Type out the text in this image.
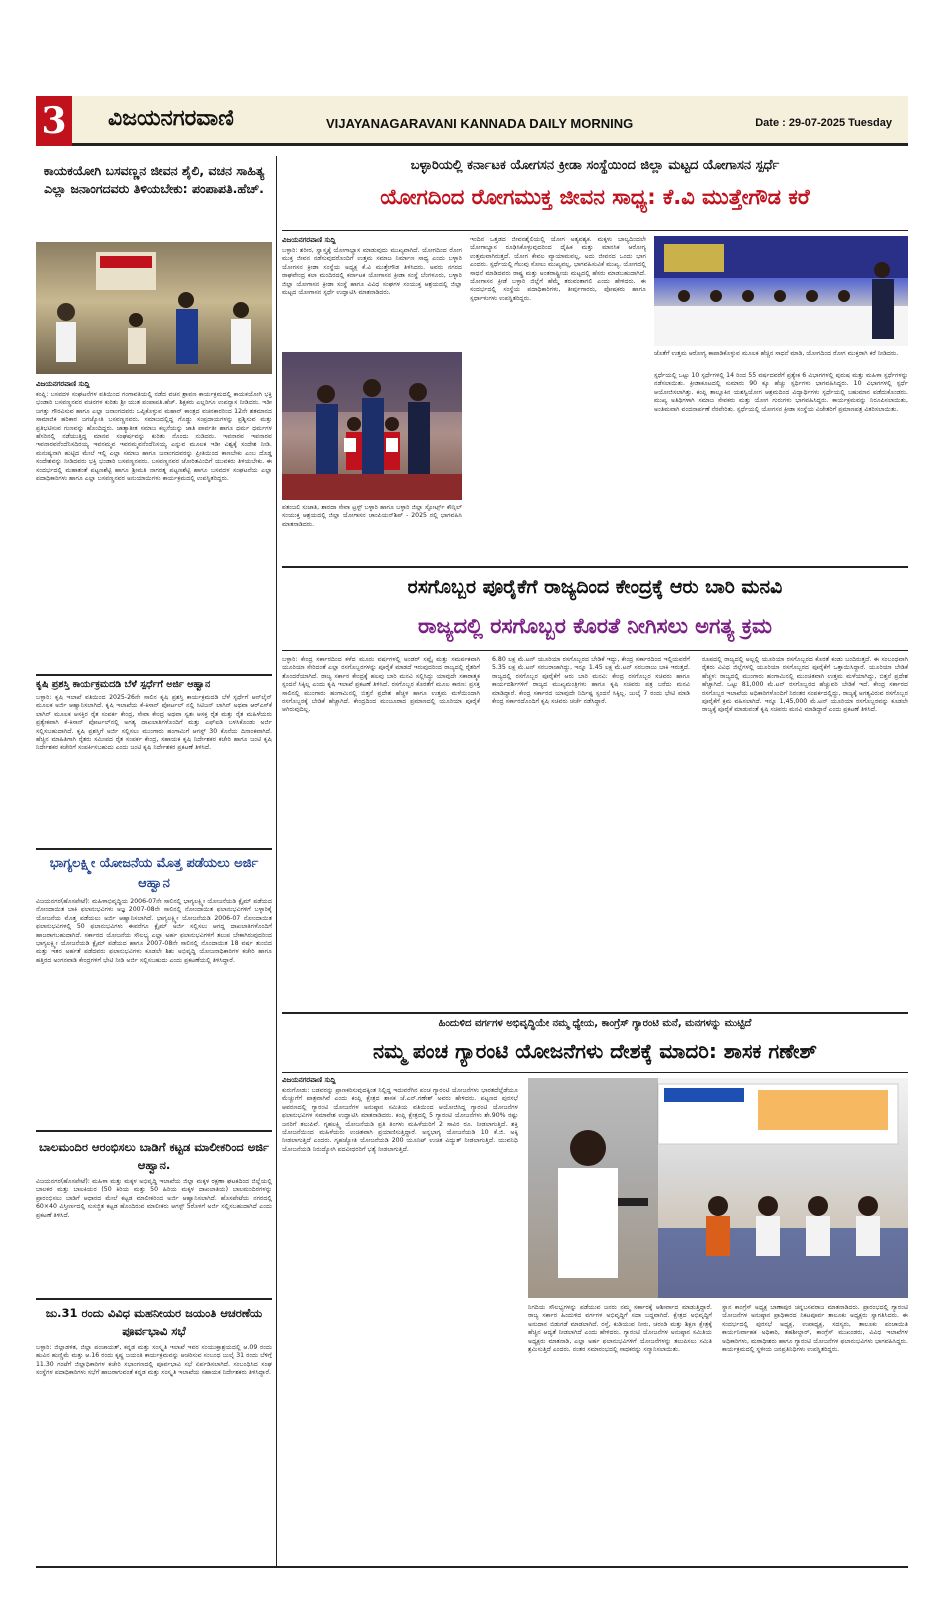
3 ವಿಜಯನಗರವಾಣಿ	VIJAYANAGARAVANI KANNADA DAILY MORNING	Date : 29-07-2025 Tuesday
ಕಾಯಕಯೋಗಿ ಬಸವಣ್ಣನ ಜೀವನ ಶೈಲಿ, ವಚನ ಸಾಹಿತ್ಯ ಎಲ್ಲಾ ಜನಾಂಗದವರು ತಿಳಿಯಬೇಕು: ಪಂಪಾಪತಿ.ಹೆಚ್.
ವಿಜಯನಗರವಾಣಿ ಸುದ್ದಿ
ಕಂಪ್ಲಿ: ಬಸವದಳ ಸಂಘಟನೆಗಳ ವತಿಯಿಂದ ಗಂಗಾವತಿಯಲ್ಲಿ ನಡೆದ ವಚನ ಶ್ರಾವಣ ಕಾರ್ಯಕ್ರಮದಲ್ಲಿ ಕಾಯಕಯೋಗಿ ಭಕ್ತಿ ಭಂಡಾರಿ ಬಸವಣ್ಣನವರ ವಚನಗಳ ಕುರಿತು ಶ್ರೀ ಯುತ ಪಂಪಾಪತಿ.ಹೆಚ್. ಶಿಕ್ಷಕರು ಎಲ್ಲರಿಗೂ ಉಪನ್ಯಾಸ ನೀಡಿದರು. ಇಡೀ ಜಗತ್ತು ಗೌರವಿಸುವ ಹಾಗೂ ಎಲ್ಲಾ ಜನಾಂಗದವರು ಒಪ್ಪಿಕೊಳ್ಳುವ ಮಹಾನ್ ಕಾಂತ್ರದ ವಚನಕಾರರಿಂದ 12ನೇ ಶತಮಾನದ ಸಾಮಾಜಿಕ ಹರಿಕಾರ ಜಗಜ್ಯೋತಿ ಬಸವಣ್ಣನವರು. ಸಮಾಜದಲ್ಲಿದ್ದ ಗೊಡ್ಡು ಸಂಪ್ರದಾಯಗಳನ್ನು ಪ್ರಶ್ನಿಸುವ ಮತ್ತು ಪ್ರತಿಭಟಿಸುವ ಗುಣವನ್ನು ಹೊಂದಿದ್ದರು. ಜಾತ್ಯಾತೀತ ಸಮಾಜ ಕಲ್ಪನೆಯನ್ನು ಜಾತಿ ಪಾರ್ವತೀ ಹಾಗೂ ಧರ್ಮ ಧರ್ಮಗಳ ಹೆಸರಿನಲ್ಲಿ ನಡೆಯುತ್ತಿದ್ದ ಮಾನವ ಸಂಘರ್ಷವನ್ನು ಕುರಿತು ನೊಂದು ನುಡಿದರು. ಇವನಾರವ ಇವನಾರವ ಇವನಾರವನೆಂದೆನಿಸದಿರಯ್ಯ ಇವನಮ್ಮವ ಇವನಮ್ಮವನೆಂದೆನಿಸಯ್ಯ ಎನ್ನುವ ಮೂಲಕ ಇಡೀ ವಿಶ್ವಕ್ಕೆ ಸಂದೇಶ ನೀಡಿ. ಮನುಷ್ಯನಾಗಿ ಹುಟ್ಟಿದ ಮೇಲೆ ಇಲ್ಲಿ ಎಲ್ಲಾ ಸಮಾಜ ಹಾಗೂ ಜನಾಂಗದವರನ್ನು ಪ್ರೀತಿಯಿಂದ ಕಾಣಬೇಕು ಎಂಬ ದೊಡ್ಡ ಸಂದೇಶವನ್ನು ನೀಡಿದವರು ಭಕ್ತಿ ಭಂಡಾರಿ ಬಸವಣ್ಣನವರು. ಬಸವಣ್ಣನವರ ಜೋರಿತವಿಂದಿಗೆ ಯುವಕರು ತಿಳಿಯಬೇಕು. ಈ ಸಂದರ್ಭದಲ್ಲಿ ಮಹಾತಂತೆ ಪಟ್ಟಣಶೆಟ್ಟಿ ಹಾಗೂ ಶ್ರೀಮತಿ ನಾಗರತ್ನ ಪಟ್ಟಣಶೆಟ್ಟಿ ಹಾಗೂ ಬಸವದಳ ಸಂಘಟನೆಯ ಎಲ್ಲಾ ಪದಾಧಿಕಾರಿಗಳು ಹಾಗೂ ಎಲ್ಲಾ ಬಸವಣ್ಣನವರ ಅನುಯಾಯಿಗಳು ಕಾರ್ಯಕ್ರಮದಲ್ಲಿ ಉಪಸ್ಥಿತರಿದ್ದರು.
ಕೃಷಿ ಪ್ರಶಸ್ತಿ ಕಾರ್ಯಕ್ರಮದಡಿ ಬೆಳೆ ಸ್ಪರ್ಧೆಗೆ ಅರ್ಜಿ ಆಹ್ವಾನ
ಬಳ್ಳಾರಿ: ಕೃಷಿ ಇಲಾಖೆ ವತಿಯಿಂದ 2025-26ನೇ ಸಾಲಿನ ಕೃಷಿ ಪ್ರಶಸ್ತಿ ಕಾರ್ಯಕ್ರಮದಡಿ ಬೆಳೆ ಸ್ಪರ್ಧೆಗೆ ಆನ್‌ಲೈನ್ ಮೂಲಕ ಅರ್ಜಿ ಆಹ್ವಾನಿಸಲಾಗಿದೆ. ಕೃಷಿ ಇಲಾಖೆಯ ಕೆ-ಕಿಸಾನ್ ಪೋರ್ಟಲ್ ನಲ್ಲಿ ಸಿಟಿಜನ್ ಲಾಗಿನ್ ಅಥವಾ ಆರ್‌ಎಸ್‌ಕೆ ಲಾಗಿನ್ ಮೂಲಕ ಆಸಕ್ತಿರ ರೈತ ಸಂಪರ್ಕ ಕೇಂದ್ರ, ಸೇವಾ ಕೇಂದ್ರ ಅಥವಾ ಸ್ವತಃ ಆಸಕ್ತ ರೈತ ಮತ್ತು ರೈತ ಮಹಿಳೆಯರು ಪ್ರತ್ಯೇಕವಾಗಿ ಕೆ-ಕಿಸಾನ್ ಪೋರ್ಟಲ್‌ನಲ್ಲಿ ಅಗತ್ಯ ದಾಖಲಾತಿಗಳೊಂದಿಗೆ ಮತ್ತು ಎಫ್‌ಐಡಿ ಬಳಸಿಕೊಂಡು ಅರ್ಜಿ ಸಲ್ಲಿಸಬಹುದಾಗಿದೆ. ಕೃಷಿ ಪ್ರಶಸ್ತಿಗೆ ಅರ್ಜಿ ಸಲ್ಲಿಸಲು ಮುಂಗಾರು ಹಂಗಾಮಿಗೆ ಆಗಸ್ಟ್ 30 ಕೊನೆಯ ದಿನಾಂಕವಾಗಿದೆ. ಹೆಚ್ಚಿನ ಮಾಹಿತಿಗಾಗಿ ರೈತರು ಸಮೀಪದ ರೈತ ಸಂಪರ್ಕ ಕೇಂದ್ರ, ಸಹಾಯಕ ಕೃಷಿ ನಿರ್ದೇಶಕರ ಕಚೇರಿ ಹಾಗೂ ಜಂಟಿ ಕೃಷಿ ನಿರ್ದೇಶಕರ ಕಚೇರಿಗೆ ಸಂಪರ್ಕಿಸಬಹುದು ಎಂದು ಜಂಟಿ ಕೃಷಿ ನಿರ್ದೇಶಕರ ಪ್ರಕಟಣೆ ತಿಳಿಸಿದೆ.
ಭಾಗ್ಯಲಕ್ಷ್ಮೀ ಯೋಜನೆಯ ಮೊತ್ತ ಪಡೆಯಲು ಅರ್ಜಿ ಆಹ್ವಾನ
ವಿಜಯನಗರ(ಹೊಸಪೇಟೆ): ಮಹಿಳಾಭಿವೃದ್ಧಿಯ 2006-07ನೇ ಸಾಲಿನಲ್ಲಿ ಭಾಗ್ಯಲಕ್ಷ್ಮೀ ಯೋಜನೆಯಡಿ ಕ್ಲೈಮ್ ಪಡೆಯದ ನೋಂದಾಯಿತ ಬಾಕಿ ಫಲಾನುಭವಿಗಳು ಅಜ್ಞ 2007-08ನೇ ಸಾಲಿನಲ್ಲಿ ನೋಂದಾಯಿತ ಫಲಾನುಭವಿಗಳಿಗೆ ಬಳ್ಳಾರಿಕೈ ಯೋಜನೆಯ ಮೊತ್ತ ಪಡೆಯಲು ಅರ್ಜಿ ಆಹ್ವಾನಿಸಲಾಗಿದೆ. ಭಾಗ್ಯಲಕ್ಷ್ಮೀ ಯೋಜನೆಯಡಿ 2006-07 ನೋಂದಾಯಿತ ಫಲಾನುಭವಿಗಳಲ್ಲಿ 50 ಫಲಾನುಭವಿಗಳು ಈವರೆಗೂ ಕ್ಲೈಮ್ ಅರ್ಜಿ ಸಲ್ಲಿಸಲು ಆಗದ್ದ ದಾಖಲಾತಿಗಳೊಂದಿಗೆ ಹಾಜರಾಗಬಹುದಾಗಿದೆ. ಸರ್ಕಾರದ ಯೋಜನೆಯ ಸೌಲಭ್ಯ ಎಲ್ಲಾ ಅರ್ಹ ಫಲಾನುಭವಿಗಳಿಗೆ ತಲುಪ ಬೇಕಾಗಿರುವುದರಿಂದ ಭಾಗ್ಯಲಕ್ಷ್ಮೀ ಯೋಜನೆಯಡಿ ಕ್ಲೈಮ್ ಪಡೆಯದ ಹಾಗೂ 2007-08ನೇ ಸಾಲಿನಲ್ಲಿ ನೊಂದಾಯಿತ 18 ವರ್ಷ ತುಂಬಿದ ಮತ್ತು ಇತರ ಅರ್ಹತೆ ಪಡೆದವರು ಫಲಾನುಭವಿಗಳು ಕೂಡಲೇ ಶಿಶು ಅಭಿವೃದ್ಧಿ ಯೋಜನಾಧಿಕಾರಿಗಳ ಕಚೇರಿ ಹಾಗೂ ಹತ್ತಿರದ ಅಂಗನವಾಡಿ ಕೇಂದ್ರಗಳಿಗೆ ಭೇಟಿ ನೀಡಿ ಅರ್ಜಿ ಸಲ್ಲಿಸಬಹುದು ಎಂದು ಪ್ರಕಟಣೆಯಲ್ಲಿ ತಿಳಿಸಿದ್ದಾರೆ.
ಬಾಲಮಂದಿರ ಆರಂಭಿಸಲು ಬಾಡಿಗೆ ಕಟ್ಟಡ ಮಾಲೀಕರಿಂದ ಅರ್ಜಿ ಆಹ್ವಾನ.
ವಿಜಯನಗರ(ಹೊಸಪೇಟೆ): ಮಹಿಳಾ ಮತ್ತು ಮಕ್ಕಳ ಅಭಿವೃದ್ಧಿ ಇಲಾಖೆಯ ಜಿಲ್ಲಾ ಮಕ್ಕಳ ರಕ್ಷಣಾ ಘಟಕದಿಂದ ಜಿಲ್ಲೆಯಲ್ಲಿ ಬಾಲಕರ ಮತ್ತು ಬಾಲಕಿಯರ (50 ಕಿರಿಯ ಮತ್ತು 50 ಹಿರಿಯ ಮಕ್ಕಳ ದಾಖಲಾತಿಯ) ಬಾಲಮಂದಿರಗಳನ್ನು ಪ್ರಾರಂಭಿಸಲು ಬಾಡಿಗೆ ಆಧಾರದ ಮೇಲೆ ಕಟ್ಟಡ ಮಾಲೀಕರಿಂದ ಅರ್ಜಿ ಆಹ್ವಾನಿಸಲಾಗಿದೆ. ಹೊಸಪೇಟೆಯ ನಗರದಲ್ಲಿ 60×40 ವಿಸ್ತೀರ್ಣದಲ್ಲಿ ಸುಸಜ್ಜಿತ ಕಟ್ಟಡ ಹೊಂದಿರುವ ಮಾಲೀಕರು ಆಗಸ್ಟ್ 5ರೊಳಗೆ ಅರ್ಜಿ ಸಲ್ಲಿಸಬಹುದಾಗಿದೆ ಎಂದು ಪ್ರಕಟಣೆ ತಿಳಿಸಿದೆ.
ಜು.31 ರಂದು ವಿವಿಧ ಮಹನೀಯರ ಜಯಂತಿ ಆಚರಣೆಯ ಪೂರ್ವಭಾವಿ ಸಭೆ
ಬಳ್ಳಾರಿ: ಜಿಲ್ಲಾಡಳಿತ, ಜಿಲ್ಲಾ ಪಂಚಾಯತ್, ಕನ್ನಡ ಮತ್ತು ಸಂಸ್ಕೃತಿ ಇಲಾಖೆ ಇವರ ಸಂಯುಕ್ತಾಶ್ರಯದಲ್ಲಿ ಆ.09 ರಂದು ಹುವಿನ ಹುಣ್ಣಿಮೆ ಮತ್ತು ಆ.16 ರಂದು ಕೃಷ್ಣ ಜಯಂತಿ ಕಾರ್ಯಕ್ರಮವನ್ನು ಆಚರಿಸುವ ಸಂಬಂಧ ಜುಲೈ 31 ರಂದು ಬೆಳಿಗ್ಗೆ 11.30 ಗಂಟೆಗೆ ಜಿಲ್ಲಾಧಿಕಾರಿಗಳ ಕಚೇರಿ ಸಭಾಂಗಣದಲ್ಲಿ ಪೂರ್ವಭಾವಿ ಸಭೆ ಏರ್ಪಡಿಸಲಾಗಿದೆ. ಸಂಬಂಧಿಸಿದ ಸಂಘ ಸಂಸ್ಥೆಗಳ ಪದಾಧಿಕಾರಿಗಳು ಸಭೆಗೆ ಹಾಜರಾಗುವಂತೆ ಕನ್ನಡ ಮತ್ತು ಸಂಸ್ಕೃತಿ ಇಲಾಖೆಯ ಸಹಾಯಕ ನಿರ್ದೇಶಕರು ತಿಳಿಸಿದ್ದಾರೆ.
ಬಳ್ಳಾರಿಯಲ್ಲಿ ಕರ್ನಾಟಕ ಯೋಗಸನ ಕ್ರೀಡಾ ಸಂಸ್ಥೆಯಿಂದ ಜಿಲ್ಲಾ ಮಟ್ಟದ ಯೋಗಾಸನ ಸ್ಪರ್ಧೆ
ಯೋಗದಿಂದ ರೋಗಮುಕ್ತ ಜೀವನ ಸಾಧ್ಯ: ಕೆ.ವಿ ಮುತ್ತೇಗೌಡ ಕರೆ
ವಿಜಯನಗರವಾಣಿ ಸುದ್ದಿ
ಬಳ್ಳಾರಿ: ಶರೀರ, ಸ್ವಾಸ್ತ್ಯಕ್ಕೆ ಯೋಗಾಭ್ಯಾಸ ಮಾಡುವುದು ಮುಖ್ಯವಾಗಿದೆ. ಯೋಗದಿಂದ ರೋಗ ಮುಕ್ತ ಜೀವನ ನಡೆಸುವುದರೊಂದಿಗೆ ಉತ್ತಮ ಸಮಾಜ ನಿರ್ಮಾಣ ಸಾಧ್ಯ ಎಂದು ಬಳ್ಳಾರಿ ಯೋಗಸನ ಕ್ರೀಡಾ ಸಂಸ್ಥೆಯ ಅಧ್ಯಕ್ಷ ಕೆ.ವಿ ಮುತ್ತೇಗೌಡ ತಿಳಿಸಿದರು. ಅವರು ನಗರದ ರಾಘವೇಂದ್ರ ಕಲಾ ಮಂದಿರದಲ್ಲಿ ಕರ್ನಾಟಕ ಯೋಗಾಸನ ಕ್ರೀಡಾ ಸಂಸ್ಥೆ ಬೆಂಗಳೂರು, ಬಳ್ಳಾರಿ ಜಿಲ್ಲಾ ಯೋಗಾಸನ ಕ್ರೀಡಾ ಸಂಸ್ಥೆ ಹಾಗೂ ವಿವಿಧ ಸಂಘಗಳ ಸಂಯುಕ್ತ ಆಶ್ರಯದಲ್ಲಿ ಜಿಲ್ಲಾ ಮಟ್ಟದ ಯೋಗಾಸನ ಸ್ಪರ್ಧೆ ಉದ್ಘಾಟಿಸಿ ಮಾತನಾಡಿದರು.
ಪತಂಜಲಿ ಸುಜಾತಿ, ಶಾರದಾ ಸೇವಾ ಟ್ರಸ್ಟ್ ಬಳ್ಳಾರಿ ಹಾಗೂ ಬಳ್ಳಾರಿ ಜಿಲ್ಲಾ ಸ್ಪೋರ್ಟ್ಸ್ ಕೌನ್ಸಿಲ್ ಸಂಯುಕ್ತ ಆಶ್ರಯದಲ್ಲಿ ಜಿಲ್ಲಾ ಯೋಗಾಸನ ಚಾಂಪಿಯನ್‌ಶಿಪ್ - 2025 ರಲ್ಲಿ ಭಾಗವಹಿಸಿ ಮಾತನಾಡಿದರು.
ಇಂದಿನ ಒತ್ತಡದ ಜೀವನಶೈಲಿಯಲ್ಲಿ ಯೋಗ ಅತ್ಯವಶ್ಯಕ. ಮಕ್ಕಳು ಬಾಲ್ಯದಿಂದಲೇ ಯೋಗಾಭ್ಯಾಸ ರೂಢಿಸಿಕೊಳ್ಳುವುದರಿಂದ ದೈಹಿಕ ಮತ್ತು ಮಾನಸಿಕ ಆರೋಗ್ಯ ಉತ್ತಮವಾಗಿರುತ್ತದೆ. ಯೋಗ ಕೇವಲ ವ್ಯಾಯಾಮವಲ್ಲ, ಅದು ಜೀವನದ ಒಂದು ಭಾಗ ಎಂದರು. ಸ್ಪರ್ಧೆಯಲ್ಲಿ ಗೆಲುವು ಸೋಲು ಮುಖ್ಯವಲ್ಲ, ಭಾಗವಹಿಸುವಿಕೆ ಮುಖ್ಯ. ಯೋಗದಲ್ಲಿ ಸಾಧನೆ ಮಾಡಿದವರು ರಾಷ್ಟ್ರ ಮತ್ತು ಅಂತರಾಷ್ಟ್ರೀಯ ಮಟ್ಟದಲ್ಲಿ ಹೆಸರು ಮಾಡಬಹುದಾಗಿದೆ. ಯೋಗಾಸನ ಕ್ರೀಡೆ ಬಳ್ಳಾರಿ ಜಿಲ್ಲೆಗೆ ಹೆಮ್ಮೆ ತರುವಂತಾಗಲಿ ಎಂದು ಹೇಳಿದರು. ಈ ಸಂದರ್ಭದಲ್ಲಿ ಸಂಸ್ಥೆಯ ಪದಾಧಿಕಾರಿಗಳು, ತೀರ್ಪುಗಾರರು, ಪೋಷಕರು ಹಾಗೂ ಸ್ಪರ್ಧಾಳುಗಳು ಉಪಸ್ಥಿತರಿದ್ದರು.
ಜೊತೆಗೆ ಉತ್ತಮ ಆರೋಗ್ಯ ಕಾಪಾಡಿಕೊಳ್ಳುವ ಮೂಲಕ ಹೆಚ್ಚಿನ ಸಾಧನೆ ಮಾಡಿ, ಯೋಗದಿಂದ ರೋಗ ಮುಕ್ತರಾಗಿ ಕರೆ ನೀಡಿದರು.
ಸ್ಪರ್ಧೆಯಲ್ಲಿ ಒಟ್ಟು 10 ಸ್ಪರ್ಧೆಗಳಲ್ಲಿ 14 ರಿಂದ 55 ವರ್ಷದವರೆಗೆ ಪ್ರತ್ಯೇಕ 6 ವಿಭಾಗಗಳಲ್ಲಿ ಪುರುಷ ಮತ್ತು ಮಹಿಳಾ ಸ್ಪರ್ಧೆಗಳನ್ನು ನಡೆಸಲಾಯಿತು. ಕ್ರೀಡಾಕೂಟದಲ್ಲಿ ಸುಮಾರು 90 ಕ್ಕೂ ಹೆಚ್ಚು ಸ್ಪರ್ಧಿಗಳು ಭಾಗವಹಿಸಿದ್ದರು. 10 ವಿಭಾಗಗಳಲ್ಲಿ ಸ್ಪರ್ಧೆ ಆಯೋಜಿಸಲಾಗಿತ್ತು. ಕಂಪ್ಲಿ ತಾಲ್ಲೂಕಿನ ಯಶಸ್ವಿಯೋಗ ಆಶ್ರಮದಿಂದ ವಿದ್ಯಾರ್ಥಿಗಳು ಸ್ಪರ್ಧೆಯಲ್ಲಿ ಬಹುಮಾನ ಪಡೆದುಕೊಂಡರು. ಮುಖ್ಯ ಅತಿಥಿಗಳಾಗಿ ಸಮಾಜ ಸೇವಕರು ಮತ್ತು ಯೋಗ ಗುರುಗಳು ಭಾಗವಹಿಸಿದ್ದರು. ಕಾರ್ಯಕ್ರಮವನ್ನು ನಿರೂಪಿಸಲಾಯಿತು, ಅಂತಿಮವಾಗಿ ವಂದನಾರ್ಪಣೆ ನೆರವೇರಿತು. ಸ್ಪರ್ಧೆಯಲ್ಲಿ ಯೋಗಸನ ಕ್ರೀಡಾ ಸಂಸ್ಥೆಯ ವಿಜೇತರಿಗೆ ಪ್ರಮಾಣಪತ್ರ ವಿತರಿಸಲಾಯಿತು.
ರಸಗೊಬ್ಬರ ಪೂರೈಕೆಗೆ ರಾಜ್ಯದಿಂದ ಕೇಂದ್ರಕ್ಕೆ ಆರು ಬಾರಿ ಮನವಿ
ರಾಜ್ಯದಲ್ಲಿ ರಸಗೊಬ್ಬರ ಕೊರತೆ ನೀಗಿಸಲು ಅಗತ್ಯ ಕ್ರಮ
ಬಳ್ಳಾರಿ: ಕೇಂದ್ರ ಸರ್ಕಾರದಿಂದ ಕಳೆದ ಮೂರು ವರ್ಷಗಳಲ್ಲಿ ಅಂಡರ್ ಸಪ್ಲೈ ಮತ್ತು ಸಮರ್ಪಕವಾಗಿ ಯೂರಿಯಾ ಸೇರಿದಂತೆ ಎಲ್ಲಾ ರಸಗೊಬ್ಬರಗಳನ್ನು ಪೂರೈಕೆ ಮಾಡದೆ ಇರುವುದರಿಂದ ರಾಜ್ಯದಲ್ಲಿ ರೈತರಿಗೆ ತೊಂದರೆಯಾಗಿದೆ. ರಾಜ್ಯ ಸರ್ಕಾರ ಕೇಂದ್ರಕ್ಕೆ ಹಲವು ಬಾರಿ ಮನವಿ ಸಲ್ಲಿಸಿದ್ದು ಯಾವುದೇ ಸಕಾರಾತ್ಮಕ ಸ್ಪಂದನೆ ಸಿಕ್ಕಿಲ್ಲ ಎಂದು ಕೃಷಿ ಇಲಾಖೆ ಪ್ರಕಟಣೆ ತಿಳಿಸಿದೆ. ರಸಗೊಬ್ಬರ ಕೊರತೆಗೆ ಮೂಲ ಕಾರಣ: ಪ್ರಸಕ್ತ ಸಾಲಿನಲ್ಲಿ ಮುಂಗಾರು ಹಂಗಾಮಿನಲ್ಲಿ ಬಿತ್ತನೆ ಪ್ರದೇಶ ಹೆಚ್ಚಳ ಹಾಗೂ ಉತ್ತಮ ಮಳೆಯಿಂದಾಗಿ ರಸಗೊಬ್ಬರಕ್ಕೆ ಬೇಡಿಕೆ ಹೆಚ್ಚಾಗಿದೆ. ಕೇಂದ್ರದಿಂದ ಮಂಜೂರಾದ ಪ್ರಮಾಣದಲ್ಲಿ ಯೂರಿಯಾ ಪೂರೈಕೆ ಆಗಿರುವುದಿಲ್ಲ.
6.80 ಲಕ್ಷ ಮೆ.ಟನ್ ಯೂರಿಯಾ ರಸಗೊಬ್ಬರದ ಬೇಡಿಕೆ ಇದ್ದು, ಕೇಂದ್ರ ಸರ್ಕಾರದಿಂದ ಇಲ್ಲಿಯವರೆಗೆ 5.35 ಲಕ್ಷ ಮೆ.ಟನ್ ಸರಬರಾಜಾಗಿದ್ದು, ಇನ್ನೂ 1.45 ಲಕ್ಷ ಮೆ.ಟನ್ ಸರಬರಾಜು ಬಾಕಿ ಇರುತ್ತದೆ. ರಾಜ್ಯದಲ್ಲಿ ರಸಗೊಬ್ಬರ ಪೂರೈಕೆಗೆ ಆರು ಬಾರಿ ಮನವಿ: ಕೇಂದ್ರ ರಸಗೊಬ್ಬರ ಸಚಿವರು ಹಾಗೂ ಕಾರ್ಯದರ್ಶಿಗಳಿಗೆ ರಾಜ್ಯದ ಮುಖ್ಯಮಂತ್ರಿಗಳು ಹಾಗೂ ಕೃಷಿ ಸಚಿವರು ಪತ್ರ ಬರೆದು ಮನವಿ ಮಾಡಿದ್ದಾರೆ. ಕೇಂದ್ರ ಸರ್ಕಾರದ ಯಾವುದೇ ನಿರ್ದಿಷ್ಟ ಸ್ಪಂದನೆ ಸಿಕ್ಕಿಲ್ಲ. ಜುಲೈ 7 ರಂದು ಭೇಟಿ ಮಾಡಿ ಕೇಂದ್ರ ಸರ್ಕಾರದೊಂದಿಗೆ ಕೃಷಿ ಸಚಿವರು ಚರ್ಚೆ ನಡೆಸಿದ್ದಾರೆ.
ರೂಪದಲ್ಲಿ ರಾಜ್ಯದಲ್ಲಿ ಅಲ್ಲಲ್ಲಿ ಯೂರಿಯಾ ರಸಗೊಬ್ಬರದ ಕೊರತೆ ಕಂಡು ಬಂದಿರುತ್ತದೆ. ಈ ಸಂಬಂಧವಾಗಿ ರೈತರು ವಿವಿಧ ಜಿಲ್ಲೆಗಳಲ್ಲಿ ಯೂರಿಯಾ ರಸಗೊಬ್ಬರದ ಪೂರೈಕೆಗೆ ಒತ್ತಾಯಿಸಿದ್ದಾರೆ. ಯೂರಿಯಾ ಬೇಡಿಕೆ ಹೆಚ್ಚಳ: ರಾಜ್ಯದಲ್ಲಿ ಮುಂಗಾರು ಹಂಗಾಮಿನಲ್ಲಿ ಮುಂಚಿತವಾಗಿ ಉತ್ತಮ ಮಳೆಯಾಗಿದ್ದು, ಬಿತ್ತನೆ ಪ್ರದೇಶ ಹೆಚ್ಚಾಗಿದೆ. ಒಟ್ಟು 81,000 ಮೆ.ಟನ್ ರಸಗೊಬ್ಬರದ ಹೆಚ್ಚುವರಿ ಬೇಡಿಕೆ ಇದೆ. ಕೇಂದ್ರ ಸರ್ಕಾರದ ರಸಗೊಬ್ಬರ ಇಲಾಖೆಯ ಅಧಿಕಾರಿಗಳೊಂದಿಗೆ ನಿರಂತರ ಸಂಪರ್ಕದಲ್ಲಿದ್ದು, ರಾಜ್ಯಕ್ಕೆ ಅಗತ್ಯವಿರುವ ರಸಗೊಬ್ಬರ ಪೂರೈಕೆಗೆ ಕ್ರಮ ವಹಿಸಲಾಗಿದೆ. ಇನ್ನೂ 1,45,000 ಮೆ.ಟನ್ ಯೂರಿಯಾ ರಸಗೊಬ್ಬರವನ್ನು ಕೂಡಲೇ ರಾಜ್ಯಕ್ಕೆ ಪೂರೈಕೆ ಮಾಡುವಂತೆ ಕೃಷಿ ಸಚಿವರು ಮನವಿ ಮಾಡಿದ್ದಾರೆ ಎಂದು ಪ್ರಕಟಣೆ ತಿಳಿಸಿದೆ.
ಹಿಂದುಳಿದ ವರ್ಗಗಳ ಅಭಿವೃದ್ಧಿಯೇ ನಮ್ಮ ಧ್ಯೇಯ, ಕಾಂಗ್ರೆಸ್ ಗ್ಯಾರಂಟಿ ಮನೆ, ಮನಗಳನ್ನು ಮುಟ್ಟಿದೆ
ನಮ್ಮ ಪಂಚ ಗ್ಯಾರಂಟಿ ಯೋಜನೆಗಳು ದೇಶಕ್ಕೆ ಮಾದರಿ: ಶಾಸಕ ಗಣೇಶ್
ವಿಜಯನಗರವಾಣಿ ಸುದ್ದಿ
ಕುರುಗೋಡು: ಬಡವರನ್ನು ಪ್ರಾಣಕರಿಸುವುದಕ್ಕಿಂತ ನಿಲ್ಲಿದ್ದ ಇದುವರೆಗಿನ ಪಂಚ ಗ್ಯಾರಂಟಿ ಯೋಜನೆಗಳು ಭಾರತದೆಲ್ಲೆಡೆಯೂ ಮೆಚ್ಚುಗೆಗೆ ಪಾತ್ರವಾಗಿವೆ ಎಂದು ಕಂಪ್ಲಿ ಕ್ಷೇತ್ರದ ಶಾಸಕ ಜೆ.ಎನ್.ಗಣೇಶ್ ಅವರು ಹೇಳಿದರು. ಪಟ್ಟಣದ ಪುರಸಭೆ ಆವರಣದಲ್ಲಿ ಗ್ಯಾರಂಟಿ ಯೋಜನೆಗಳ ಅನುಷ್ಠಾನ ಸಮಿತಿಯ ವತಿಯಿಂದ ಆಯೋಜಿಸಿದ್ದ ಗ್ಯಾರಂಟಿ ಯೋಜನೆಗಳ ಫಲಾನುಭವಿಗಳ ಸಮಾವೇಶ ಉದ್ಘಾಟಿಸಿ ಮಾತನಾಡಿದರು. ಕಂಪ್ಲಿ ಕ್ಷೇತ್ರದಲ್ಲಿ 5 ಗ್ಯಾರಂಟಿ ಯೋಜನೆಗಳು ಶೇ.90% ರಷ್ಟು ಜನರಿಗೆ ತಲುಪಿವೆ. ಗೃಹಲಕ್ಷ್ಮಿ ಯೋಜನೆಯಡಿ ಪ್ರತಿ ತಿಂಗಳು ಮಹಿಳೆಯರಿಗೆ 2 ಸಾವಿರ ರೂ. ನೀಡಲಾಗುತ್ತಿದೆ. ಶಕ್ತಿ ಯೋಜನೆಯಿಂದ ಮಹಿಳೆಯರು ಉಚಿತವಾಗಿ ಪ್ರಯಾಣಿಸುತ್ತಿದ್ದಾರೆ. ಅನ್ನಭಾಗ್ಯ ಯೋಜನೆಯಡಿ 10 ಕೆ.ಜಿ. ಅಕ್ಕಿ ನೀಡಲಾಗುತ್ತಿದೆ ಎಂದರು. ಗೃಹಜ್ಯೋತಿ ಯೋಜನೆಯಡಿ 200 ಯೂನಿಟ್ ಉಚಿತ ವಿದ್ಯುತ್ ನೀಡಲಾಗುತ್ತಿದೆ. ಯುವನಿಧಿ ಯೋಜನೆಯಡಿ ನಿರುದ್ಯೋಗಿ ಪದವೀಧರರಿಗೆ ಭತ್ಯೆ ನೀಡಲಾಗುತ್ತಿದೆ.
ನಿಗದಿಯ ಸೌಲಭ್ಯಗಳನ್ನು ಪಡೆಯುವ ಜನರು ನಮ್ಮ ಸರ್ಕಾರಕ್ಕೆ ಆಶೀರ್ವಾದ ಮಾಡುತ್ತಿದ್ದಾರೆ. ರಾಜ್ಯ ಸರ್ಕಾರ ಹಿಂದುಳಿದ ವರ್ಗಗಳ ಅಭಿವೃದ್ಧಿಗೆ ಸದಾ ಬದ್ಧವಾಗಿದೆ. ಕ್ಷೇತ್ರದ ಅಭಿವೃದ್ಧಿಗೆ ಅನುದಾನ ಬಿಡುಗಡೆ ಮಾಡಲಾಗಿದೆ. ರಸ್ತೆ, ಕುಡಿಯುವ ನೀರು, ಚರಂಡಿ ಮತ್ತು ಶಿಕ್ಷಣ ಕ್ಷೇತ್ರಕ್ಕೆ ಹೆಚ್ಚಿನ ಆದ್ಯತೆ ನೀಡಲಾಗಿದೆ ಎಂದು ಹೇಳಿದರು. ಗ್ಯಾರಂಟಿ ಯೋಜನೆಗಳ ಅನುಷ್ಠಾನ ಸಮಿತಿಯ ಅಧ್ಯಕ್ಷರು ಮಾತನಾಡಿ, ಎಲ್ಲಾ ಅರ್ಹ ಫಲಾನುಭವಿಗಳಿಗೆ ಯೋಜನೆಗಳನ್ನು ತಲುಪಿಸಲು ಸಮಿತಿ ಶ್ರಮಿಸುತ್ತಿದೆ ಎಂದರು. ನಂತರ ಸಮಾರಂಭದಲ್ಲಿ ಸಾಧಕರನ್ನು ಸನ್ಮಾನಿಸಲಾಯಿತು.
ಸ್ಥಾನ ಕಾಂಗ್ರೆಸ್ ಅಧ್ಯಕ್ಷ ಬಾಣಾಪುರ ಚನ್ನಬಸವರಾಜ ಮಾತನಾಡಿದರು. ಪ್ರಾರಂಭದಲ್ಲಿ ಗ್ಯಾರಂಟಿ ಯೋಜನೆಗಳ ಅನುಷ್ಠಾನ ಪ್ರಾಧಿಕಾರದ ನಿಕಟಪೂರ್ವ ತಾಲೂಕು ಅಧ್ಯಕ್ಷರು ಸ್ವಾಗತಿಸಿದರು. ಈ ಸಂದರ್ಭದಲ್ಲಿ ಪುರಸಭೆ ಅಧ್ಯಕ್ಷ, ಉಪಾಧ್ಯಕ್ಷ, ಸದಸ್ಯರು, ತಾಲೂಕು ಪಂಚಾಯಿತಿ ಕಾರ್ಯನಿರ್ವಾಹಕ ಅಧಿಕಾರಿ, ತಹಶೀಲ್ದಾರ್, ಕಾಂಗ್ರೆಸ್ ಮುಖಂಡರು, ವಿವಿಧ ಇಲಾಖೆಗಳ ಅಧಿಕಾರಿಗಳು, ಮಠಾಧೀಶರು ಹಾಗೂ ಗ್ಯಾರಂಟಿ ಯೋಜನೆಗಳ ಫಲಾನುಭವಿಗಳು ಭಾಗವಹಿಸಿದ್ದರು. ಕಾರ್ಯಕ್ರಮದಲ್ಲಿ ಸ್ಥಳೀಯ ಜನಪ್ರತಿನಿಧಿಗಳು ಉಪಸ್ಥಿತರಿದ್ದರು.
